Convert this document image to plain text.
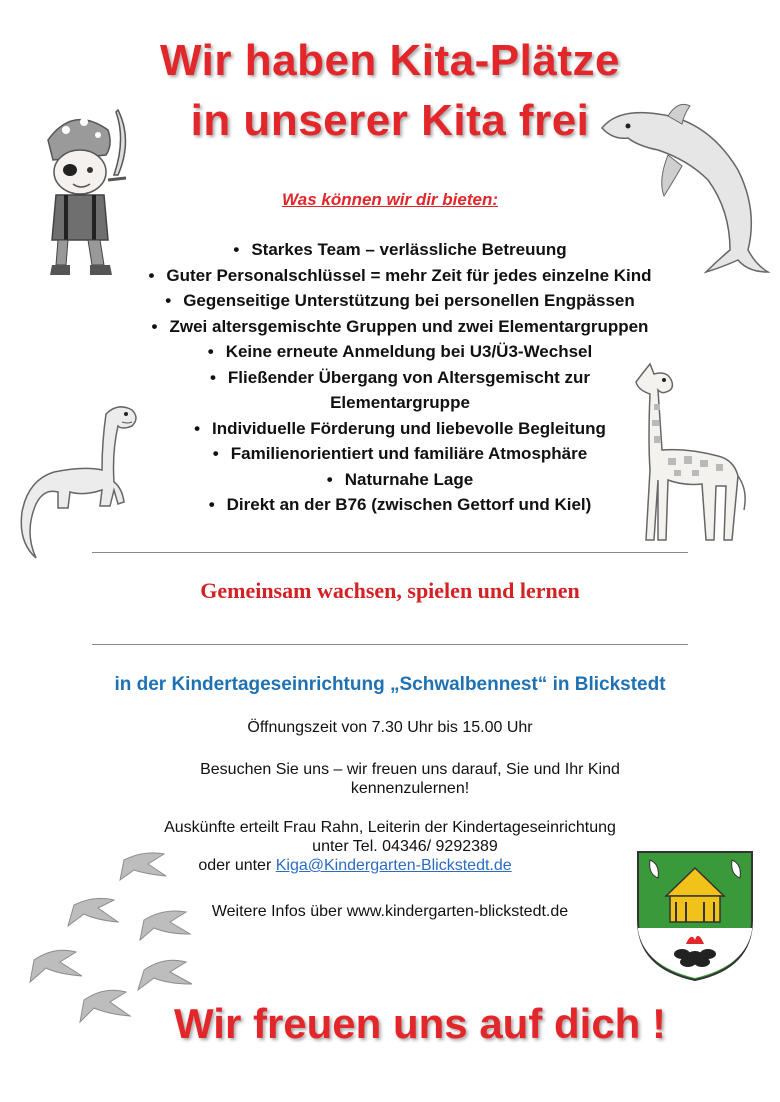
Wir haben Kita-Plätze
in unserer Kita frei
Was können wir dir bieten:
• Starkes Team – verlässliche Betreuung
• Guter Personalschlüssel = mehr Zeit für jedes einzelne Kind
• Gegenseitige Unterstützung bei personellen Engpässen
• Zwei altersgemischte Gruppen und zwei Elementargruppen
• Keine erneute Anmeldung bei U3/Ü3-Wechsel
• Fließender Übergang von Altersgemischt zur Elementargruppe
• Individuelle Förderung und liebevolle Begleitung
• Familienorientiert und familiäre Atmosphäre
• Naturnahe Lage
• Direkt an der B76 (zwischen Gettorf und Kiel)
Gemeinsam wachsen, spielen und lernen
in der Kindertageseinrichtung „Schwalbennest“ in Blickstedt
Öffnungszeit von 7.30 Uhr bis 15.00 Uhr
Besuchen Sie uns – wir freuen uns darauf, Sie und Ihr Kind kennenzulernen!
Auskünfte erteilt Frau Rahn, Leiterin der Kindertageseinrichtung
unter Tel. 04346/ 9292389
oder unter Kiga@Kindergarten-Blickstedt.de
Weitere Infos über www.kindergarten-blickstedt.de
Wir freuen uns auf dich !
